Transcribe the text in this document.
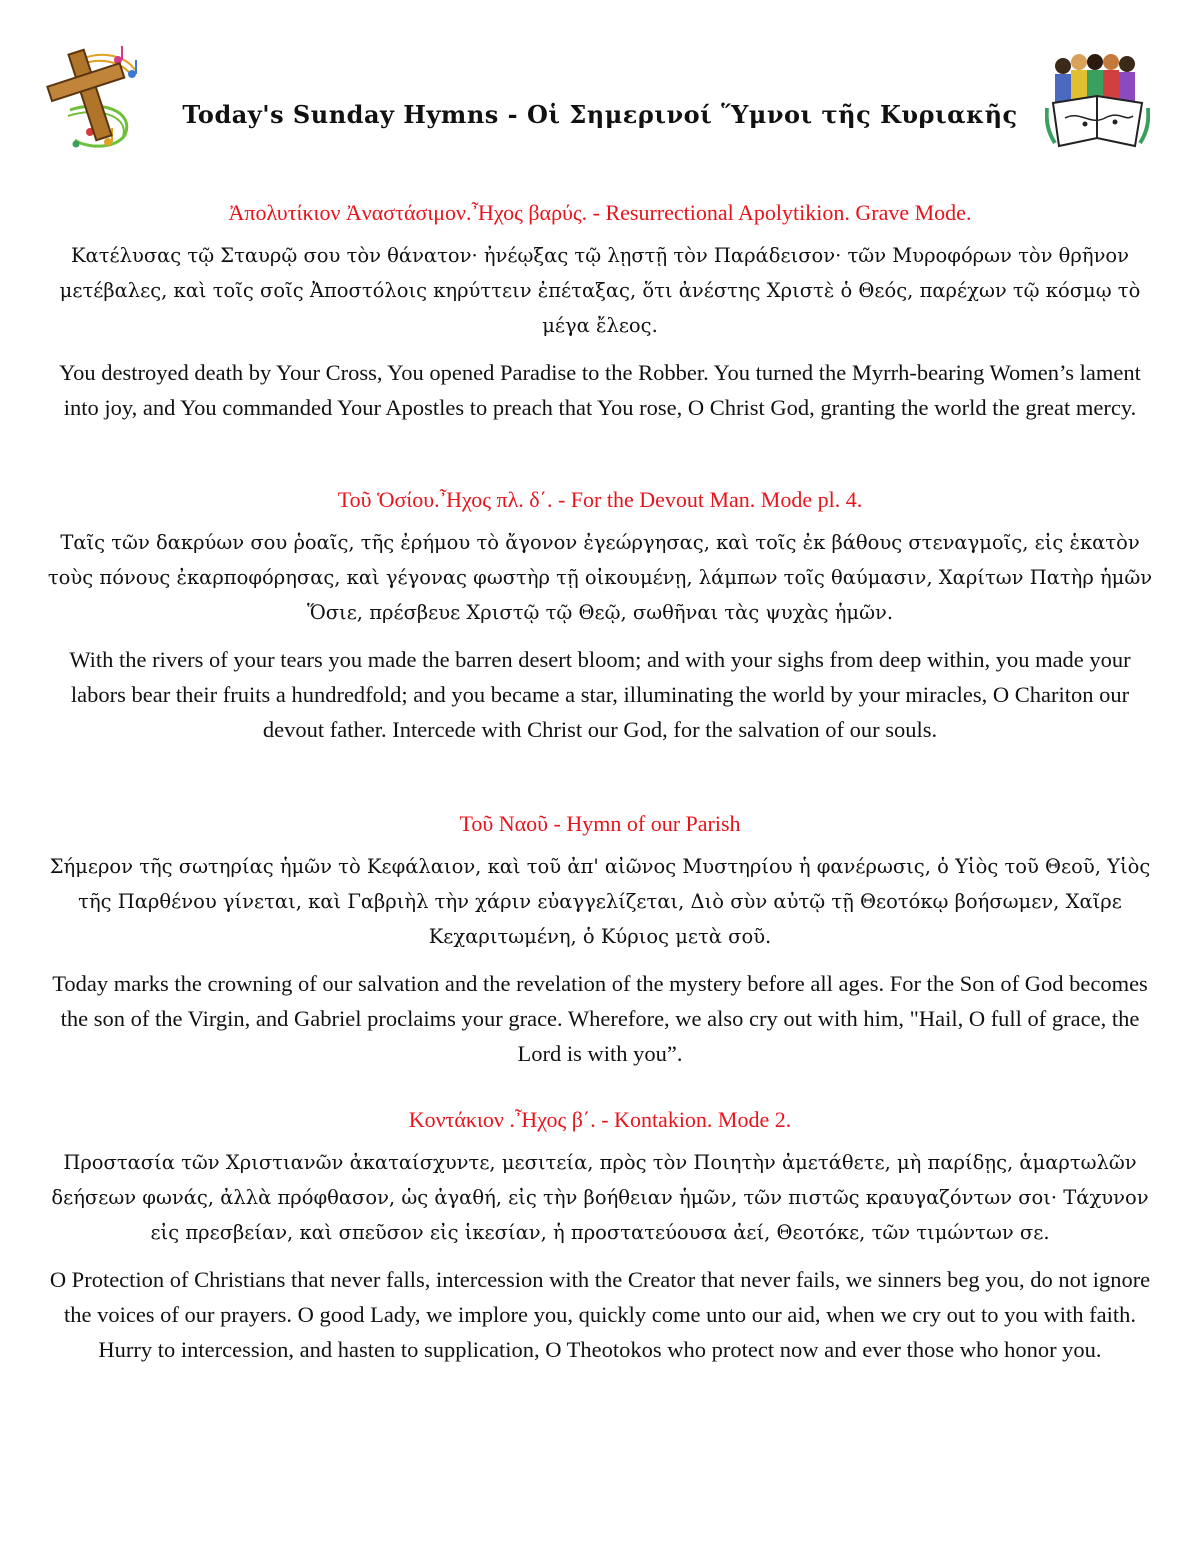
Today's Sunday Hymns - Οἱ Σημερινοί Ὕμνοι τῆς Κυριακῆς
Ἀπολυτίκιον Ἀναστάσιμον.Ἦχος βαρύς. - Resurrectional Apolytikion. Grave Mode.

Κατέλυσας τῷ Σταυρῷ σου τὸν θάνατον· ἠνέῳξας τῷ λῃστῇ τὸν Παράδεισον· τῶν Μυροφόρων τὸν θρῆνον μετέβαλες, καὶ τοῖς σοῖς Ἀποστόλοις κηρύττειν ἐπέταξας, ὅτι ἀνέστης Χριστὲ ὁ Θεός, παρέχων τῷ κόσμῳ τὸ μέγα ἔλεος.

You destroyed death by Your Cross, You opened Paradise to the Robber. You turned the Myrrh-bearing Women’s lament into joy, and You commanded Your Apostles to preach that You rose, O Christ God, granting the world the great mercy.

Τοῦ Ὁσίου.Ἦχος πλ. δ΄. - For the Devout Man. Mode pl. 4.

Ταῖς τῶν δακρύων σου ῥοαῖς, τῆς ἐρήμου τὸ ἄγονον ἐγεώργησας, καὶ τοῖς ἐκ βάθους στεναγμοῖς, εἰς ἑκατὸν τοὺς πόνους ἐκαρποφόρησας, καὶ γέγονας φωστὴρ τῇ οἰκουμένῃ, λάμπων τοῖς θαύμασιν, Χαρίτων Πατὴρ ἡμῶν Ὅσιε, πρέσβευε Χριστῷ τῷ Θεῷ, σωθῆναι τὰς ψυχὰς ἡμῶν.

With the rivers of your tears you made the barren desert bloom; and with your sighs from deep within, you made your labors bear their fruits a hundredfold; and you became a star, illuminating the world by your miracles, O Chariton our devout father. Intercede with Christ our God, for the salvation of our souls.

Τοῦ Ναοῦ - Hymn of our Parish

Σήμερον τῆς σωτηρίας ἡμῶν τὸ Κεφάλαιον, καὶ τοῦ ἀπ' αἰῶνος Μυστηρίου ἡ φανέρωσις, ὁ Υἱὸς τοῦ Θεοῦ, Υἱὸς τῆς Παρθένου γίνεται, καὶ Γαβριὴλ τὴν χάριν εὐαγγελίζεται, Διὸ σὺν αὐτῷ τῇ Θεοτόκῳ βοήσωμεν, Χαῖρε Κεχαριτωμένη, ὁ Κύριος μετὰ σοῦ.

Today marks the crowning of our salvation and the revelation of the mystery before all ages. For the Son of God becomes the son of the Virgin, and Gabriel proclaims your grace. Wherefore, we also cry out with him, "Hail, O full of grace, the Lord is with you”.

Κοντάκιον .Ἦχος β΄. - Kontakion. Mode 2.

Προστασία τῶν Χριστιανῶν ἀκαταίσχυντε, μεσιτεία, πρὸς τὸν Ποιητὴν ἀμετάθετε, μὴ παρίδῃς, ἁμαρτωλῶν δεήσεων φωνάς, ἀλλὰ πρόφθασον, ὡς ἀγαθή, εἰς τὴν βοήθειαν ἡμῶν, τῶν πιστῶς κραυγαζόντων σοι· Τάχυνον εἰς πρεσβείαν, καὶ σπεῦσον εἰς ἱκεσίαν, ἡ προστατεύουσα ἀεί, Θεοτόκε, τῶν τιμώντων σε.

O Protection of Christians that never falls, intercession with the Creator that never fails, we sinners beg you, do not ignore the voices of our prayers. O good Lady, we implore you, quickly come unto our aid, when we cry out to you with faith. Hurry to intercession, and hasten to supplication, O Theotokos who protect now and ever those who honor you.
